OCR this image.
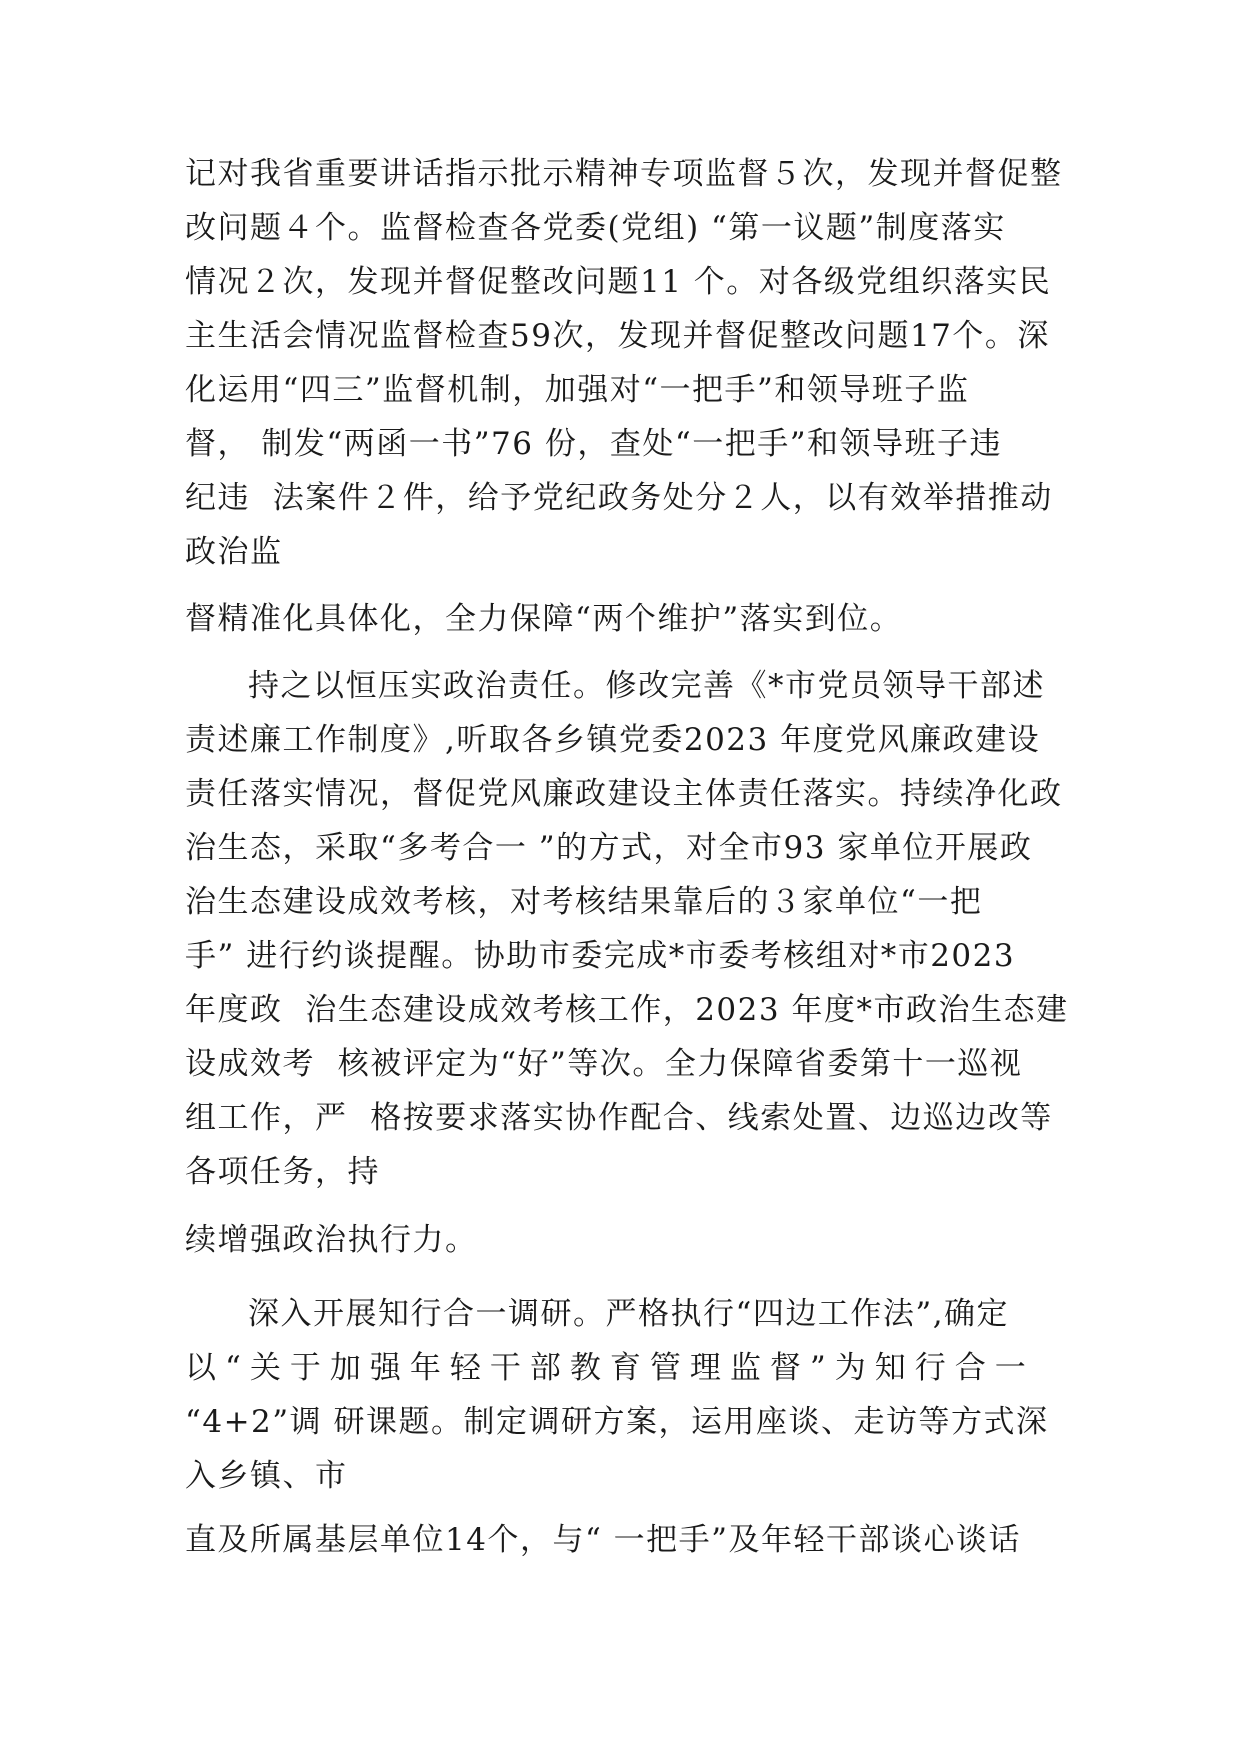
记对我省重要讲话指示批示精神专项监督５次，发现并督促整
改问题４个。监督检查各党委(党组) “第一议题”制度落实
情况２次，发现并督促整改问题11 个。对各级党组织落实民
主生活会情况监督检查59次，发现并督促整改问题17个。深
化运用“四三”监督机制，加强对“一把手”和领导班子监
督， 制发“两函一书”76 份，查处“一把手”和领导班子违
纪违  法案件２件，给予党纪政务处分２人，以有效举措推动
政治监
督精准化具体化，全力保障“两个维护”落实到位。
持之以恒压实政治责任。修改完善《*市党员领导干部述
责述廉工作制度》,听取各乡镇党委2023 年度党风廉政建设
责任落实情况，督促党风廉政建设主体责任落实。持续净化政
治生态，采取“多考合一 ”的方式，对全市93 家单位开展政
治生态建设成效考核，对考核结果靠后的３家单位“一把
手” 进行约谈提醒。协助市委完成*市委考核组对*市2023
年度政  治生态建设成效考核工作，2023 年度*市政治生态建
设成效考  核被评定为“好”等次。全力保障省委第十一巡视
组工作，严  格按要求落实协作配合、线索处置、边巡边改等
各项任务，持
续增强政治执行力。
深入开展知行合一调研。严格执行“四边工作法”,确定
以“关于加强年轻干部教育管理监督”为知行合一
“4+2”调 研课题。制定调研方案，运用座谈、走访等方式深
入乡镇、市
直及所属基层单位14个，与“ 一把手”及年轻干部谈心谈话
